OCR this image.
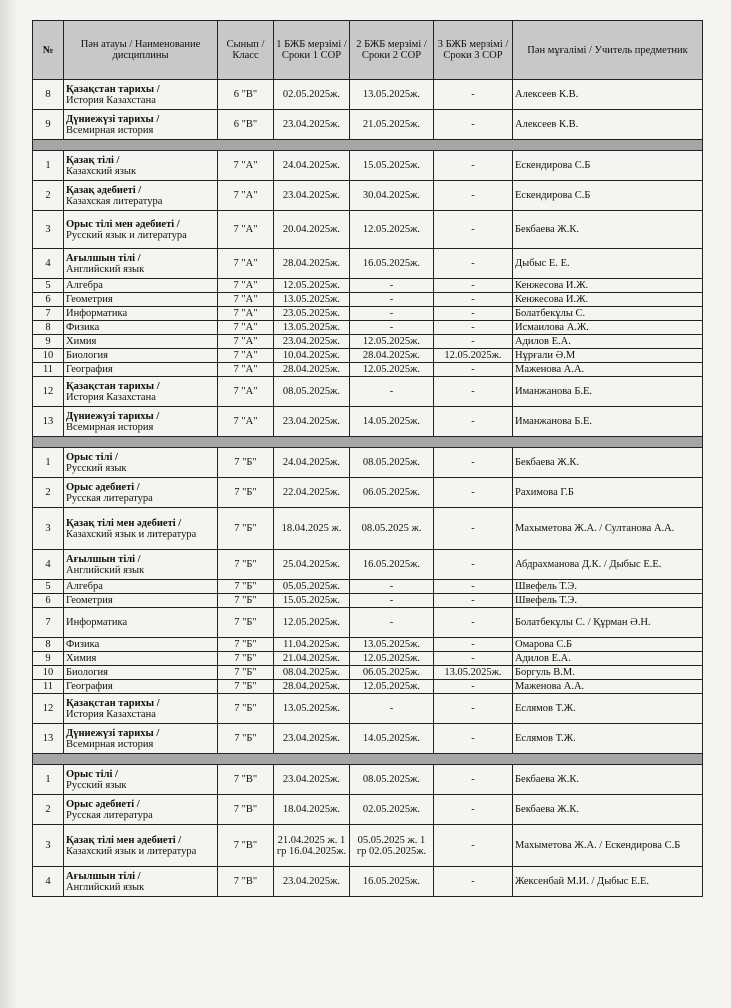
№	Пән атауы / Наименование дисциплины	Сынып / Класс	1 БЖБ мерзімі / Сроки 1 СОР	2 БЖБ мерзімі / Сроки 2 СОР	3 БЖБ мерзімі / Сроки 3 СОР	Пән мұғалімі / Учитель предметник
8	Қазақстан тарихы /
История Казахстана	6 "В"	02.05.2025ж.	13.05.2025ж.	-	Алексеев К.В.
9	Дүниежүзі тарихы /
Всемирная история	6 "В"	23.04.2025ж.	21.05.2025ж.	-	Алексеев К.В.

1	Қазақ тілі /
Казахский язык	7 "А"	24.04.2025ж.	15.05.2025ж.	-	Ескендирова С.Б
2	Қазақ әдебиеті /
Казахская литература	7 "А"	23.04.2025ж.	30.04.2025ж.	-	Ескендирова С.Б
3	Орыс тілі мен әдебиеті /
Русский язык и литература	7 "А"	20.04.2025ж.	12.05.2025ж.	-	Бекбаева Ж.К.
4	Ағылшын тілі /
Английский язык	7 "А"	28.04.2025ж.	16.05.2025ж.	-	Дыбыс Е. Е.
5	Алгебра	7 "А"	12.05.2025ж.	-	-	Кенжесова И.Ж.
6	Геометрия	7 "А"	13.05.2025ж.	-	-	Кенжесова И.Ж.
7	Информатика	7 "А"	23.05.2025ж.	-	-	Болатбекұлы С.
8	Физика	7 "А"	13.05.2025ж.	-	-	Исмаилова А.Ж.
9	Химия	7 "А"	23.04.2025ж.	12.05.2025ж.	-	Адилов Е.А.
10	Биология	7 "А"	10.04.2025ж.	28.04.2025ж.	12.05.2025ж.	Нұрғали Ә.М
11	География	7 "А"	28.04.2025ж.	12.05.2025ж.	-	Маженова А.А.
12	Қазақстан тарихы /
История Казахстана	7 "А"	08.05.2025ж.	-	-	Иманжанова Б.Е.
13	Дүниежүзі тарихы /
Всемирная история	7 "А"	23.04.2025ж.	14.05.2025ж.	-	Иманжанова Б.Е.

1	Орыс тілі /
Русский язык	7 "Б"	24.04.2025ж.	08.05.2025ж.	-	Бекбаева Ж.К.
2	Орыс әдебиеті /
Русская литература	7 "Б"	22.04.2025ж.	06.05.2025ж.	-	Рахимова Г.Б
3	Қазақ тілі мен әдебиеті /
Казахский язык и литература	7 "Б"	18.04.2025 ж.	08.05.2025 ж.	-	Махыметова Ж.А. / Султанова А.А.
4	Ағылшын тілі /
Английский язык	7 "Б"	25.04.2025ж.	16.05.2025ж.	-	Абдрахманова Д.К. / Дыбыс Е.Е.
5	Алгебра	7 "Б"	05.05.2025ж.	-	-	Швефель Т.Э.
6	Геометрия	7 "Б"	15.05.2025ж.	-	-	Швефель Т.Э.
7	Информатика	7 "Б"	12.05.2025ж.	-	-	Болатбекұлы С. / Құрман Ә.Н.
8	Физика	7 "Б"	11.04.2025ж.	13.05.2025ж.	-	Омарова С.Б
9	Химия	7 "Б"	21.04.2025ж.	12.05.2025ж.	-	Адилов Е.А.
10	Биология	7 "Б"	08.04.2025ж.	06.05.2025ж.	13.05.2025ж.	Боргуль В.М.
11	География	7 "Б"	28.04.2025ж.	12.05.2025ж.	-	Маженова А.А.
12	Қазақстан тарихы /
История Казахстана	7 "Б"	13.05.2025ж.	-	-	Еслямов Т.Ж.
13	Дүниежүзі тарихы /
Всемирная история	7 "Б"	23.04.2025ж.	14.05.2025ж.	-	Еслямов Т.Ж.

1	Орыс тілі /
Русский язык	7 "В"	23.04.2025ж.	08.05.2025ж.	-	Бекбаева Ж.К.
2	Орыс әдебиеті /
Русская литература	7 "В"	18.04.2025ж.	02.05.2025ж.	-	Бекбаева Ж.К.
3	Қазақ тілі мен әдебиеті /
Казахский язык и литература	7 "В"	21.04.2025 ж. 1 гр 16.04.2025ж.	05.05.2025 ж. 1 гр 02.05.2025ж.	-	Махыметова Ж.А. / Ескендирова С.Б
4	Ағылшын тілі /
Английский язык	7 "В"	23.04.2025ж.	16.05.2025ж.	-	Жексенбай М.И. / Дыбыс Е.Е.
